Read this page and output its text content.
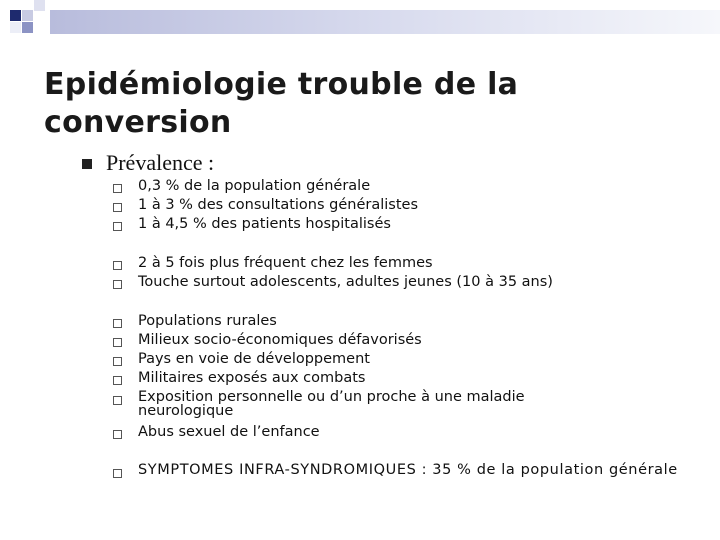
Epidémiologie trouble de la conversion
Prévalence :
0,3 % de la population générale
1 à 3 % des consultations généralistes
1 à 4,5 % des patients hospitalisés
2 à 5 fois plus fréquent chez les femmes
Touche surtout adolescents, adultes jeunes (10 à 35 ans)
Populations rurales
Milieux socio-économiques défavorisés
Pays en voie de développement
Militaires exposés aux combats
Exposition personnelle ou d’un proche à une maladie neurologique
Abus sexuel de l’enfance
SYMPTOMES INFRA-SYNDROMIQUES : 35 % de la population générale
